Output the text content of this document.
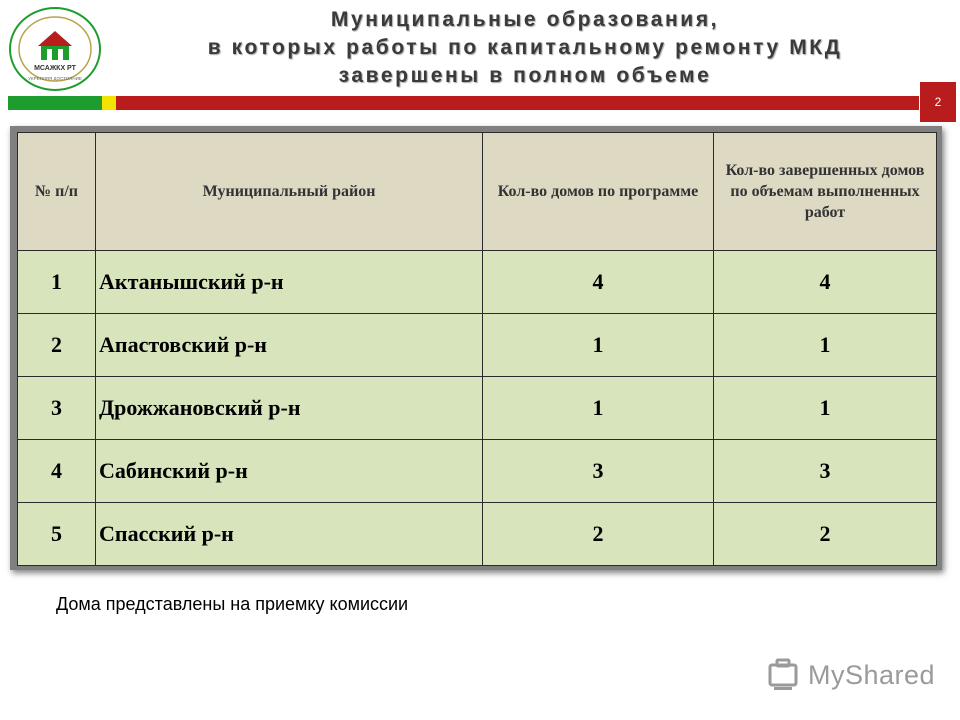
МСАЖКХ РТ
УКРЕПЛЯЯ ДОСТОЯНИЕ
Муниципальные образования,
в которых работы по капитальному ремонту МКД
завершены в полном объеме
2
№ п/п	Муниципальный район	Кол-во домов по программе	Кол-во завершенных домов по объемам выполненных работ
1	Актанышский р-н	4	4
2	Апастовский р-н	1	1
3	Дрожжановский р-н	1	1
4	Сабинский р-н	3	3
5	Спасский р-н	2	2
Дома представлены на приемку комиссии
MyShared
